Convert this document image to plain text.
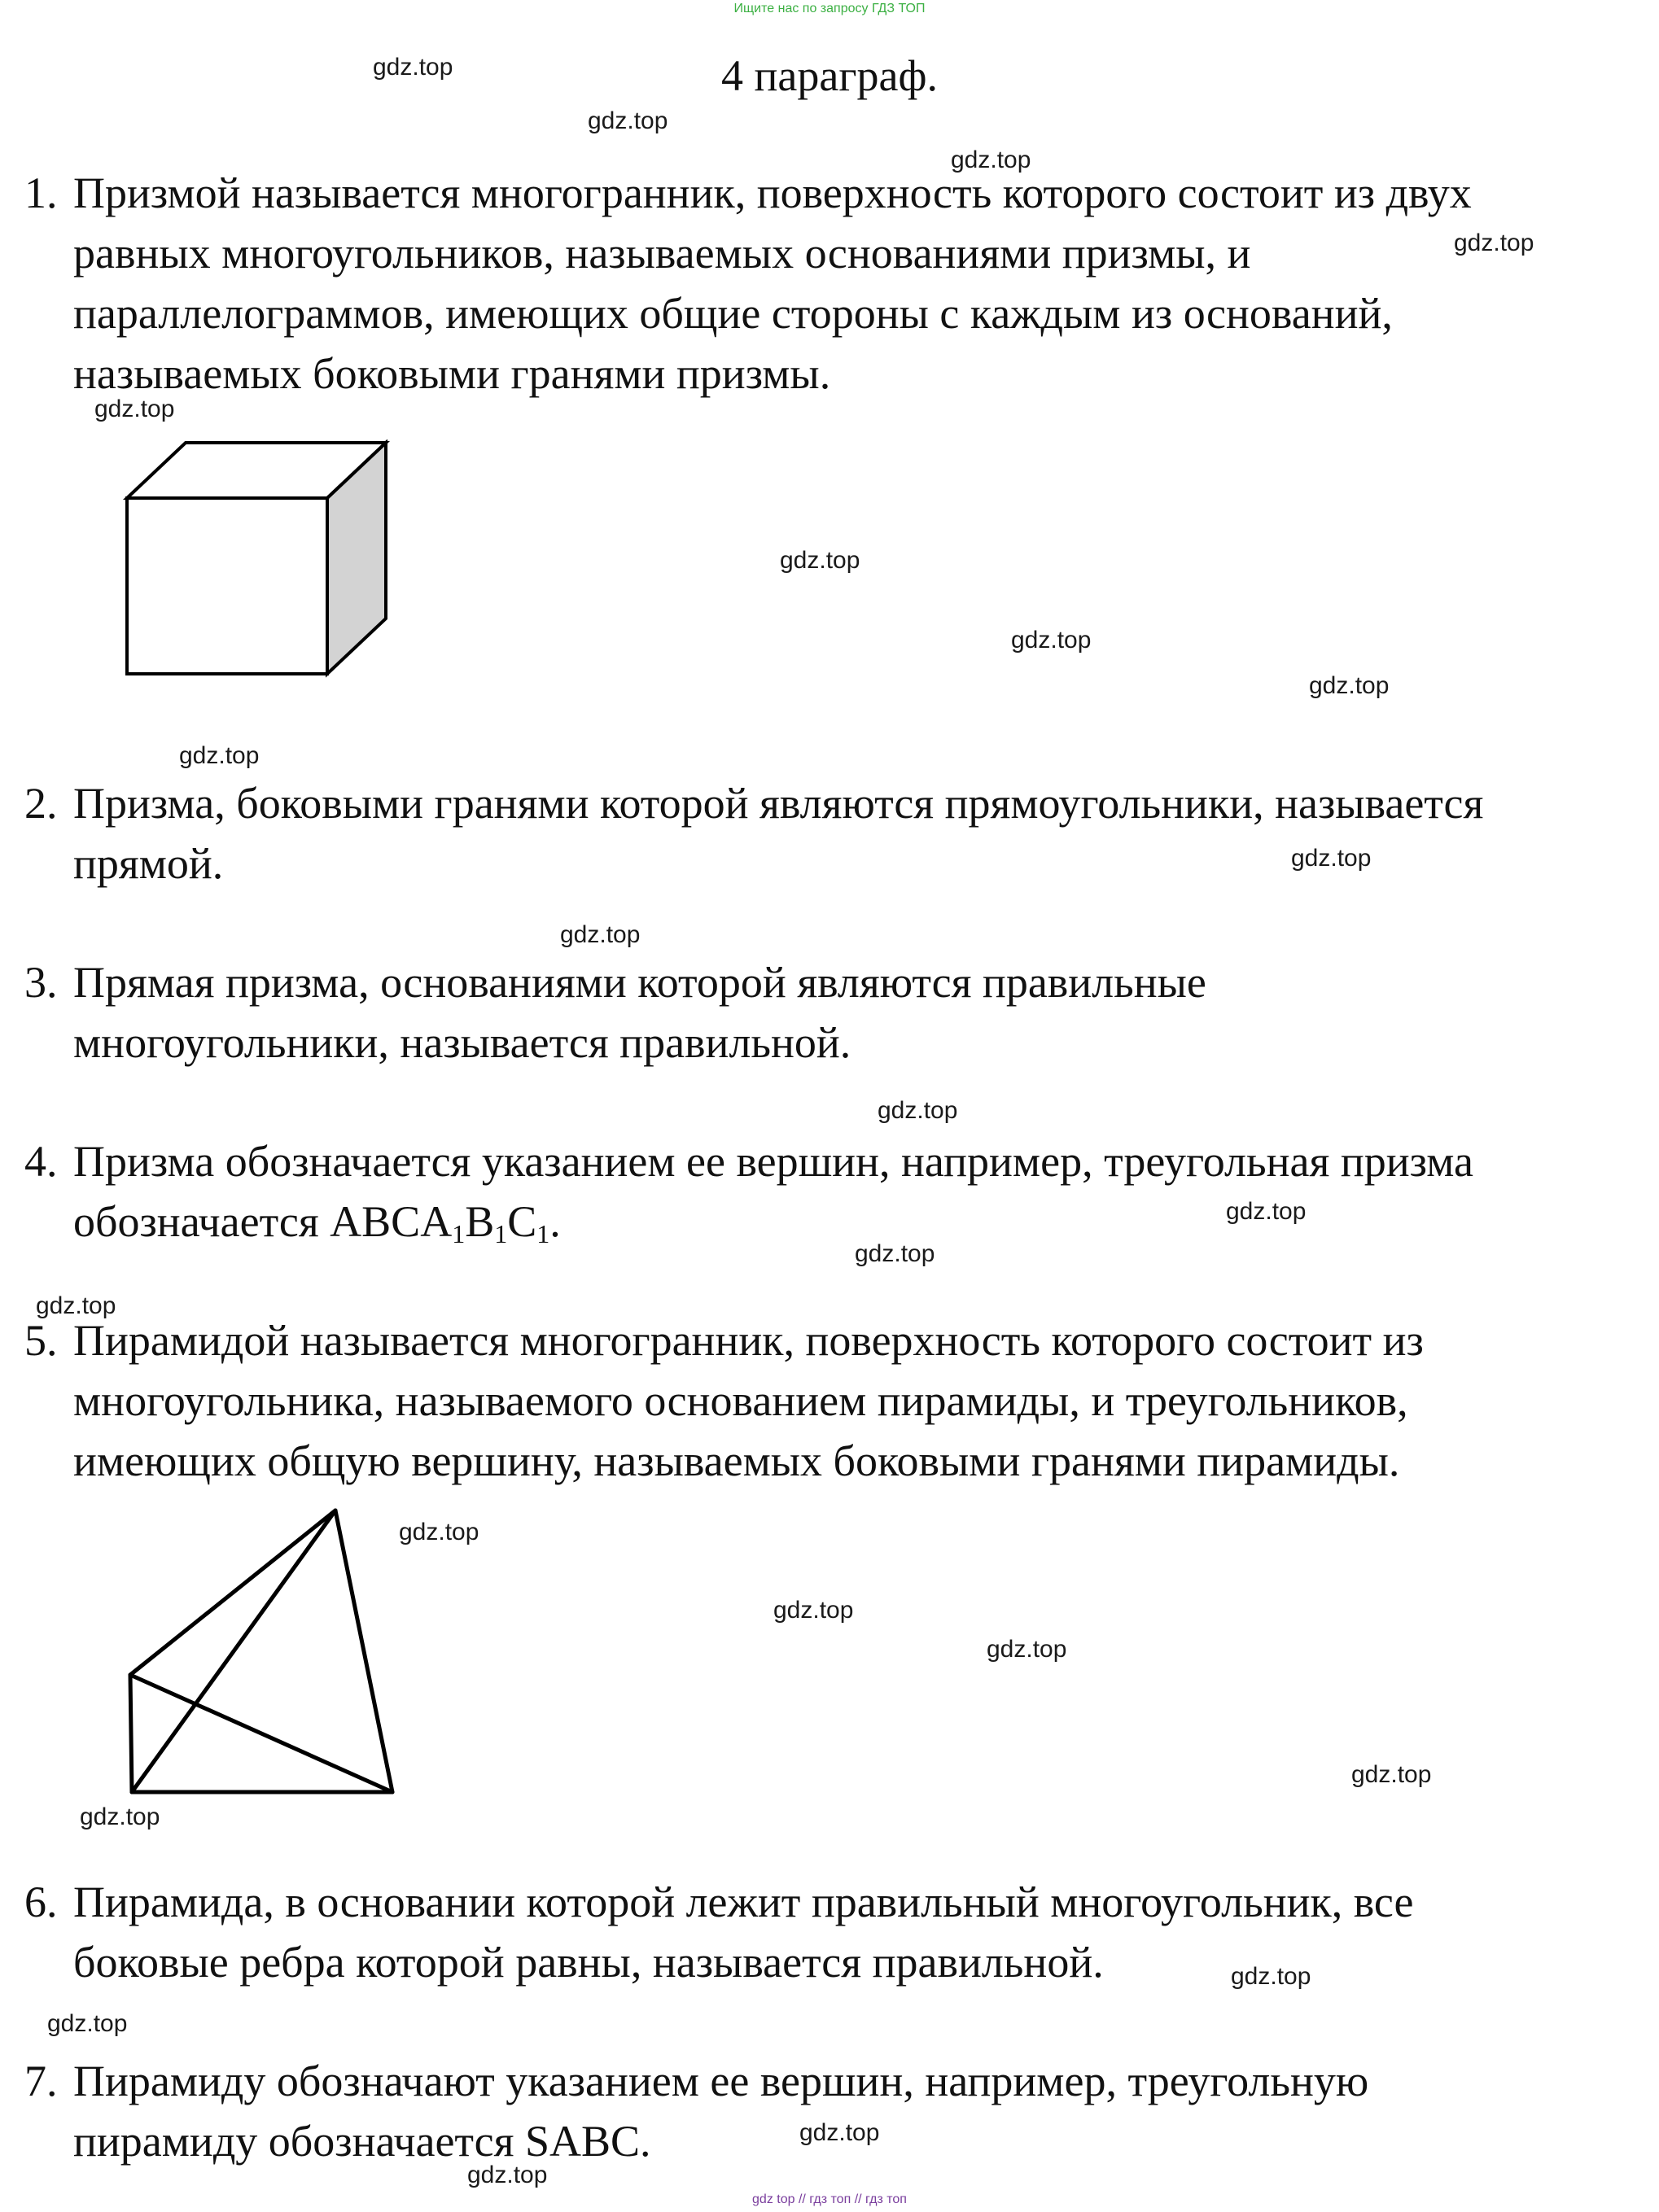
Ищите нас по запросу ГДЗ ТОП
4 параграф.
1. Призмой называется многогранник, поверхность которого состоит из двух
равных многоугольников, называемых основаниями призмы, и
параллелограммов, имеющих общие стороны с каждым из оснований,
называемых боковыми гранями призмы.
2. Призма, боковыми гранями которой являются прямоугольники, называется
прямой.
3. Прямая призма, основаниями которой являются правильные
многоугольники, называется правильной.
4. Призма обозначается указанием ее вершин, например, треугольная призма
обозначается $ABCA_1B_1C_1$.
5. Пирамидой называется многогранник, поверхность которого состоит из
многоугольника, называемого основанием пирамиды, и треугольников,
имеющих общую вершину, называемых боковыми гранями пирамиды.
6. Пирамида, в основании которой лежит правильный многоугольник, все
боковые ребра которой равны, называется правильной.
7. Пирамиду обозначают указанием ее вершин, например, треугольную
пирамиду обозначается SABC.
gdz.top
gdz.top
gdz.top
gdz.top
gdz.top
gdz.top
gdz.top
gdz.top
gdz.top
gdz.top
gdz.top
gdz.top
gdz.top
gdz.top
gdz.top
gdz.top
gdz.top
gdz.top
gdz.top
gdz.top
gdz.top
gdz.top
gdz.top
gdz.top
gdz top // гдз топ // гдз топ
